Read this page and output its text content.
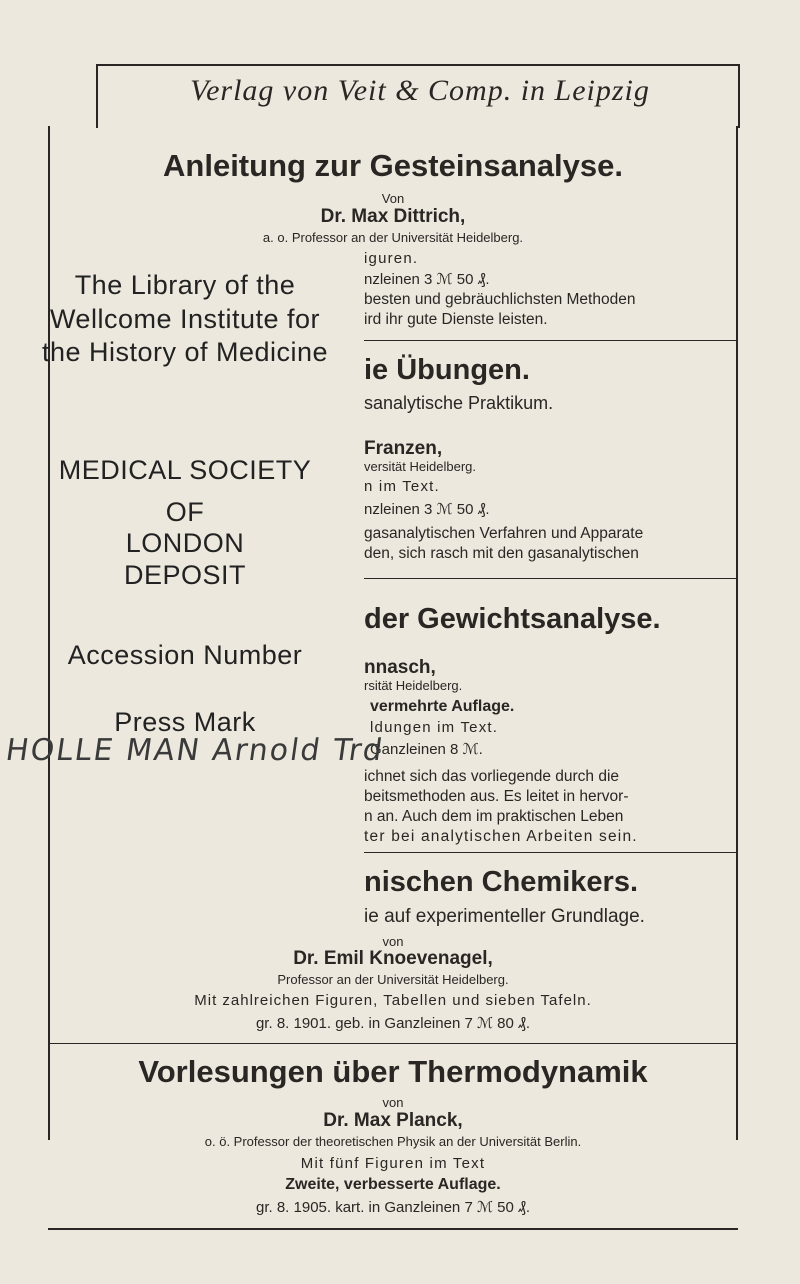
Verlag von Veit & Comp. in Leipzig
Anleitung zur Gesteinsanalyse.
Von
Dr. Max Dittrich,
a. o. Professor an der Universität Heidelberg.
iguren.
nzleinen 3 ℳ 50 ₰.
besten und gebräuchlichsten Methoden
ird ihr gute Dienste leisten.
ie Übungen.
sanalytische Praktikum.
Franzen,
versität Heidelberg.
n im Text.
nzleinen 3 ℳ 50 ₰.
gasanalytischen Verfahren und Apparate
den, sich rasch mit den gasanalytischen
der Gewichtsanalyse.
nnasch,
rsität Heidelberg.
vermehrte Auflage.
ldungen im Text.
Ganzleinen 8 ℳ.
ichnet sich das vorliegende durch die
beitsmethoden aus. Es leitet in hervor-
n an. Auch dem im praktischen Leben
ter bei analytischen Arbeiten sein.
nischen Chemikers.
ie auf experimenteller Grundlage.
von
Dr. Emil Knoevenagel,
Professor an der Universität Heidelberg.
Mit zahlreichen Figuren, Tabellen und sieben Tafeln.
gr. 8. 1901. geb. in Ganzleinen 7 ℳ 80 ₰.
Vorlesungen über Thermodynamik
von
Dr. Max Planck,
o. ö. Professor der theoretischen Physik an der Universität Berlin.
Mit fünf Figuren im Text
Zweite, verbesserte Auflage.
gr. 8. 1905. kart. in Ganzleinen 7 ℳ 50 ₰.
The Library of the
Wellcome Institute for
the History of Medicine
MEDICAL SOCIETY
OF
LONDON
DEPOSIT
Accession Number
Press Mark
HOLLE MAN Arnold Trd
